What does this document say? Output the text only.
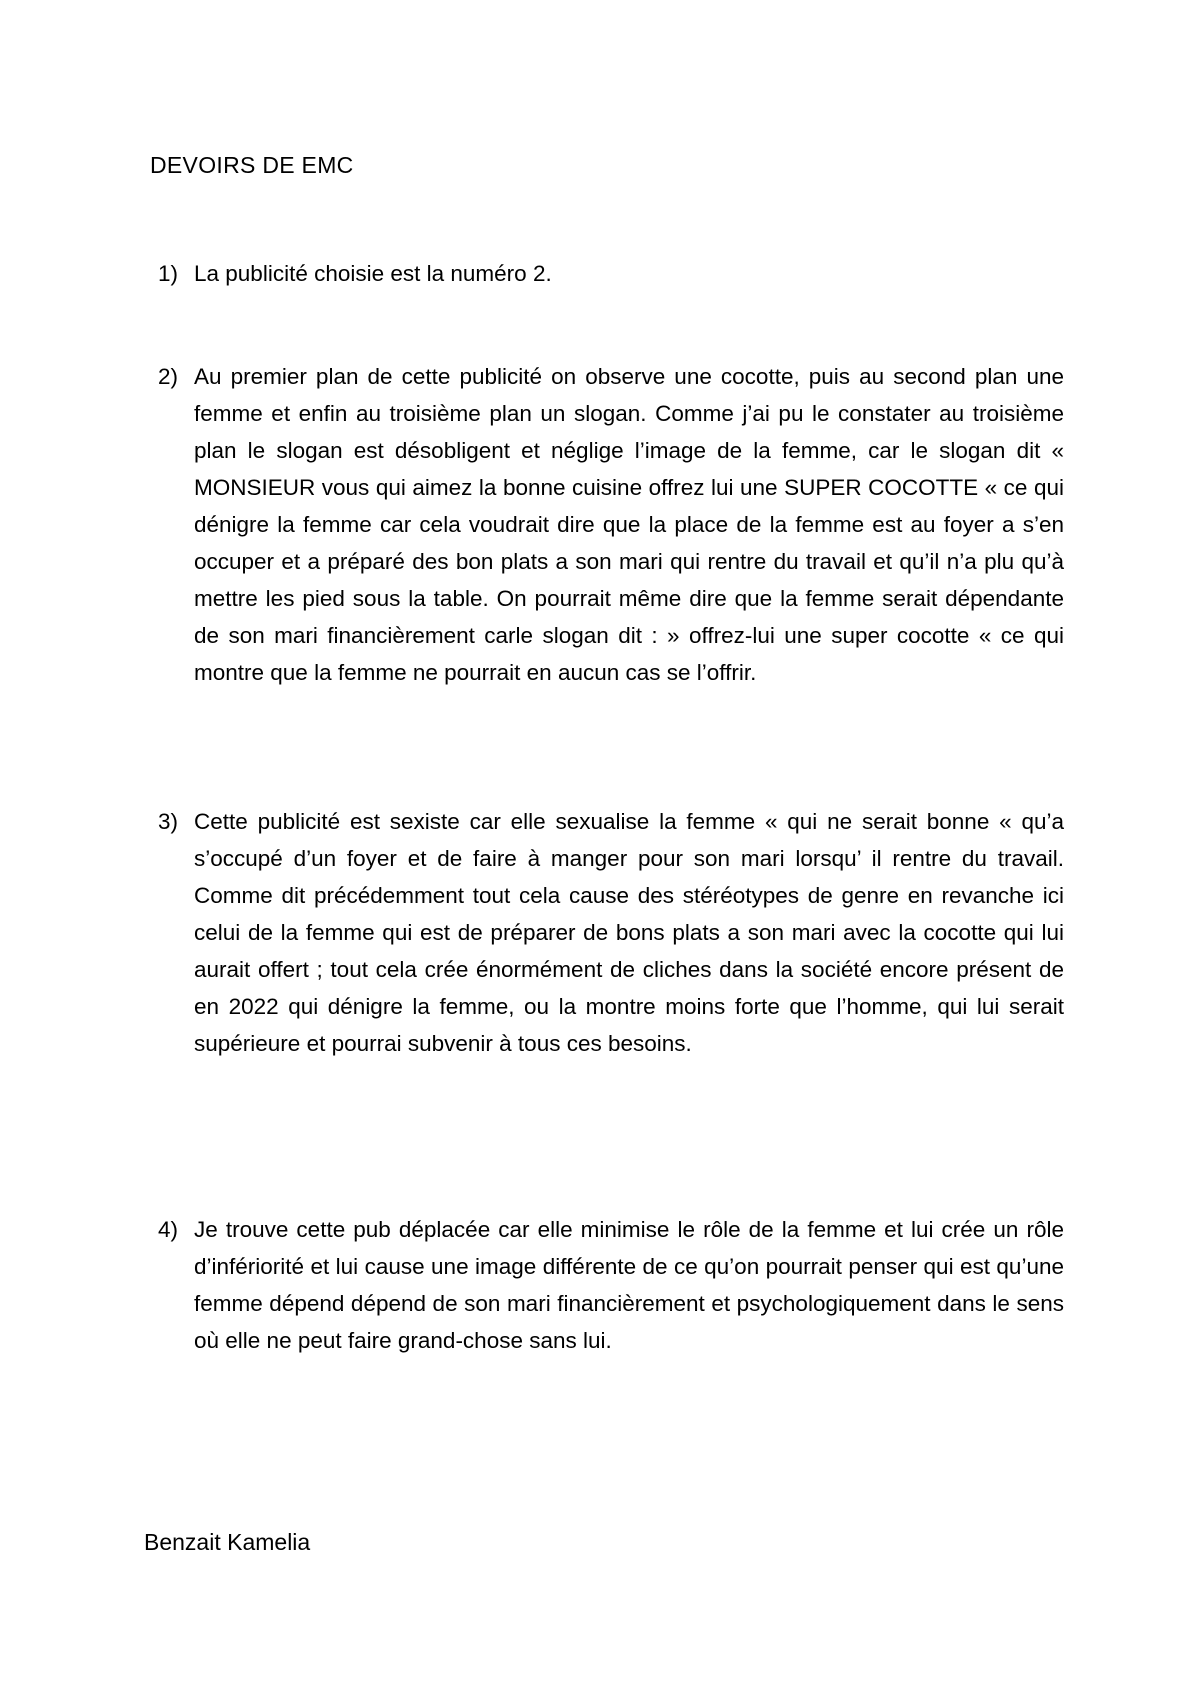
DEVOIRS DE EMC
1) La publicité choisie est la numéro 2.
2) Au premier plan de cette publicité on observe une cocotte, puis au second plan une femme et enfin au troisième plan un slogan. Comme j’ai pu le constater au troisième plan le slogan est désobligent et néglige l’image de la femme, car le slogan dit « MONSIEUR vous qui aimez la bonne cuisine offrez lui une SUPER COCOTTE « ce qui dénigre la femme car cela voudrait dire que la place de la femme est au foyer a s’en occuper et a préparé des bon plats a son mari qui rentre du travail et qu’il n’a plu qu’à mettre les pied sous la table. On pourrait même dire que la femme serait dépendante de son mari financièrement carle slogan dit : » offrez-lui une super cocotte « ce qui montre que la femme ne pourrait en aucun cas se l’offrir.
3) Cette publicité est sexiste car elle sexualise la femme « qui ne serait bonne « qu’a s’occupé d’un foyer et de faire à manger pour son mari lorsqu’ il rentre du travail. Comme dit précédemment tout cela cause des stéréotypes de genre en revanche ici celui de la femme qui est de préparer de bons plats a son mari avec la cocotte qui lui aurait offert ; tout cela crée énormément de cliches dans la société encore présent de en 2022 qui dénigre la femme, ou la montre moins forte que l’homme, qui lui serait supérieure et pourrai subvenir à tous ces besoins.
4) Je trouve cette pub déplacée car elle minimise le rôle de la femme et lui crée un rôle d’infériorité et lui cause une image différente de ce qu’on pourrait penser qui est qu’une femme dépend dépend de son mari financièrement et psychologiquement dans le sens où elle ne peut faire grand-chose sans lui.
Benzait Kamelia
